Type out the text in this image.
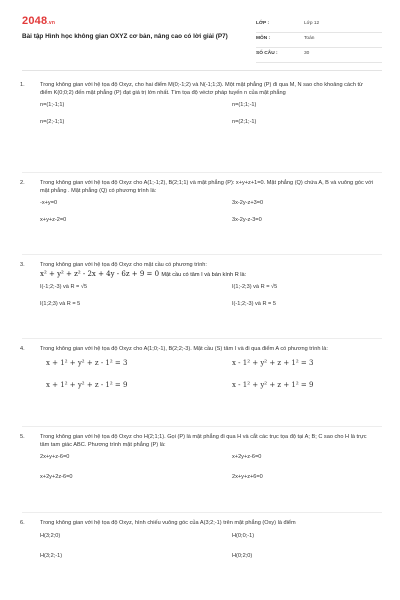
2048.vn
Bài tập Hình học không gian OXYZ cơ bản, nâng cao có lời giải (P7)
LỚP :	Lớp 12
MÔN :	Toán
SỐ CÂU :	30
1.	Trong không gian với hệ tọa độ Oxyz, cho hai điểm M(0;-1;2) và N(-1;1;3). Một mặt phẳng (P) đi qua M, N sao cho khoảng cách từ điểm K(0;0;2) đến mặt phẳng (P) đạt giá trị lớn nhất. Tìm tọa độ véctơ pháp tuyến n của mặt phẳng
n=(1;-1;1)	n=(1;1;-1)
n=(2;-1;1)	n=(2;1;-1)
2.	Trong không gian với hệ tọa độ Oxyz cho A(1;-1;2), B(2;1;1) và mặt phẳng (P): x+y+z+1=0. Mặt phẳng (Q) chứa A, B và vuông góc với mặt phẳng . Mặt phẳng (Q) có phương trình là:
-x+y=0	3x-2y-z+3=0
x+y+z-2=0	3x-2y-z-3=0
3.	Trong không gian với hệ tọa độ Oxyz cho mặt cầu có phương trình:
x² + y² + z² - 2x + 4y - 6z + 9 = 0 Mặt cầu có tâm I và bán kính R là:
I(-1;2;-3) và R = √5	I(1;-2;3) và R = √5
I(1;2;3) và R = 5	I(-1;2;-3) và R = 5
4.	Trong không gian với hệ tọa độ Oxyz cho A(1;0;-1), B(2;2;-3). Mặt cầu (S) tâm I và đi qua điểm A có phương trình là:
x + 1² + y² + z - 1² = 3	x - 1² + y² + z + 1² = 3
x + 1² + y² + z - 1² = 9	x - 1² + y² + z + 1² = 9
5.	Trong không gian với hệ tọa độ Oxyz cho H(2;1;1). Gọi (P) là mặt phẳng đi qua H và cắt các trục tọa độ tại A; B; C sao cho H là trực tâm tam giác ABC. Phương trình mặt phẳng (P) là:
2x+y+z-6=0	x+2y+z-6=0
x+2y+2z-6=0	2x+y+z+6=0
6.	Trong không gian với hệ tọa độ Oxyz, hình chiếu vuông góc của A(3;2;-1) trên mặt phẳng (Oxy) là điểm
H(3;2;0)	H(0;0;-1)
H(3;2;-1)	H(0;2;0)
